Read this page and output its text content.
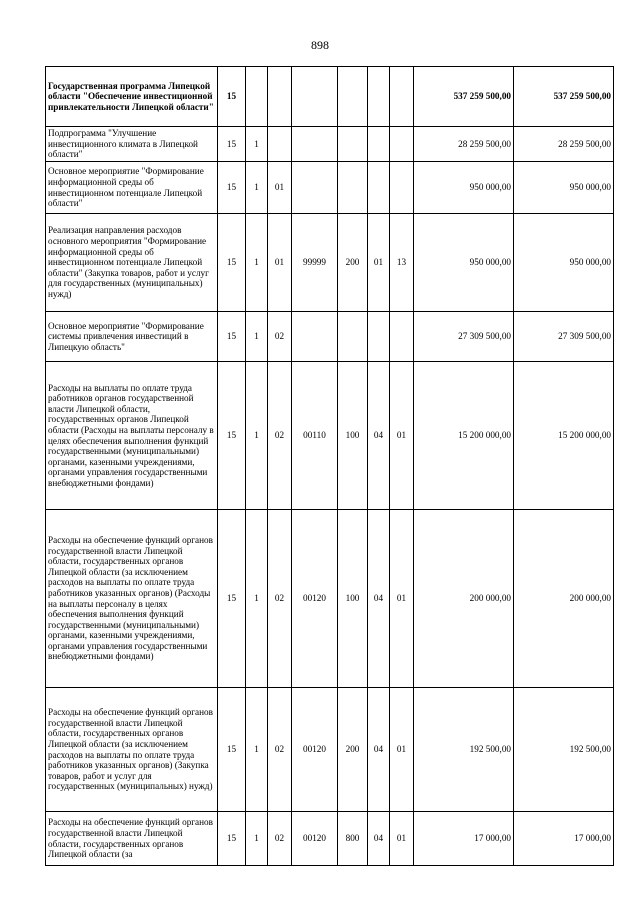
898
Государственная программа Липецкой области "Обеспечение инвестиционной привлекательности Липецкой области"	15							537 259 500,00	537 259 500,00
Подпрограмма "Улучшение инвестиционного климата в Липецкой области"	15	1						28 259 500,00	28 259 500,00
Основное мероприятие "Формирование информационной среды об инвестиционном потенциале Липецкой области"	15	1	01					950 000,00	950 000,00
Реализация направления расходов основного мероприятия "Формирование информационной среды об инвестиционном потенциале Липецкой области" (Закупка товаров, работ и услуг для государственных (муниципальных) нужд)	15	1	01	99999	200	01	13	950 000,00	950 000,00
Основное мероприятие "Формирование системы привлечения инвестиций в Липецкую область"	15	1	02					27 309 500,00	27 309 500,00
Расходы на выплаты по оплате труда работников органов государственной власти Липецкой области, государственных органов Липецкой области (Расходы на выплаты персоналу в целях обеспечения выполнения функций государственными (муниципальными) органами, казенными учреждениями, органами управления государственными внебюджетными фондами)	15	1	02	00110	100	04	01	15 200 000,00	15 200 000,00
Расходы на обеспечение функций органов государственной власти Липецкой области, государственных органов Липецкой области (за исключением расходов на выплаты по оплате труда работников указанных органов) (Расходы на выплаты персоналу в целях обеспечения выполнения функций государственными (муниципальными) органами, казенными учреждениями, органами управления государственными внебюджетными фондами)	15	1	02	00120	100	04	01	200 000,00	200 000,00
Расходы на обеспечение функций органов государственной власти Липецкой области, государственных органов Липецкой области (за исключением расходов на выплаты по оплате труда работников указанных органов) (Закупка товаров, работ и услуг для государственных (муниципальных) нужд)	15	1	02	00120	200	04	01	192 500,00	192 500,00
Расходы на обеспечение функций органов государственной власти Липецкой области, государственных органов Липецкой области (за	15	1	02	00120	800	04	01	17 000,00	17 000,00
